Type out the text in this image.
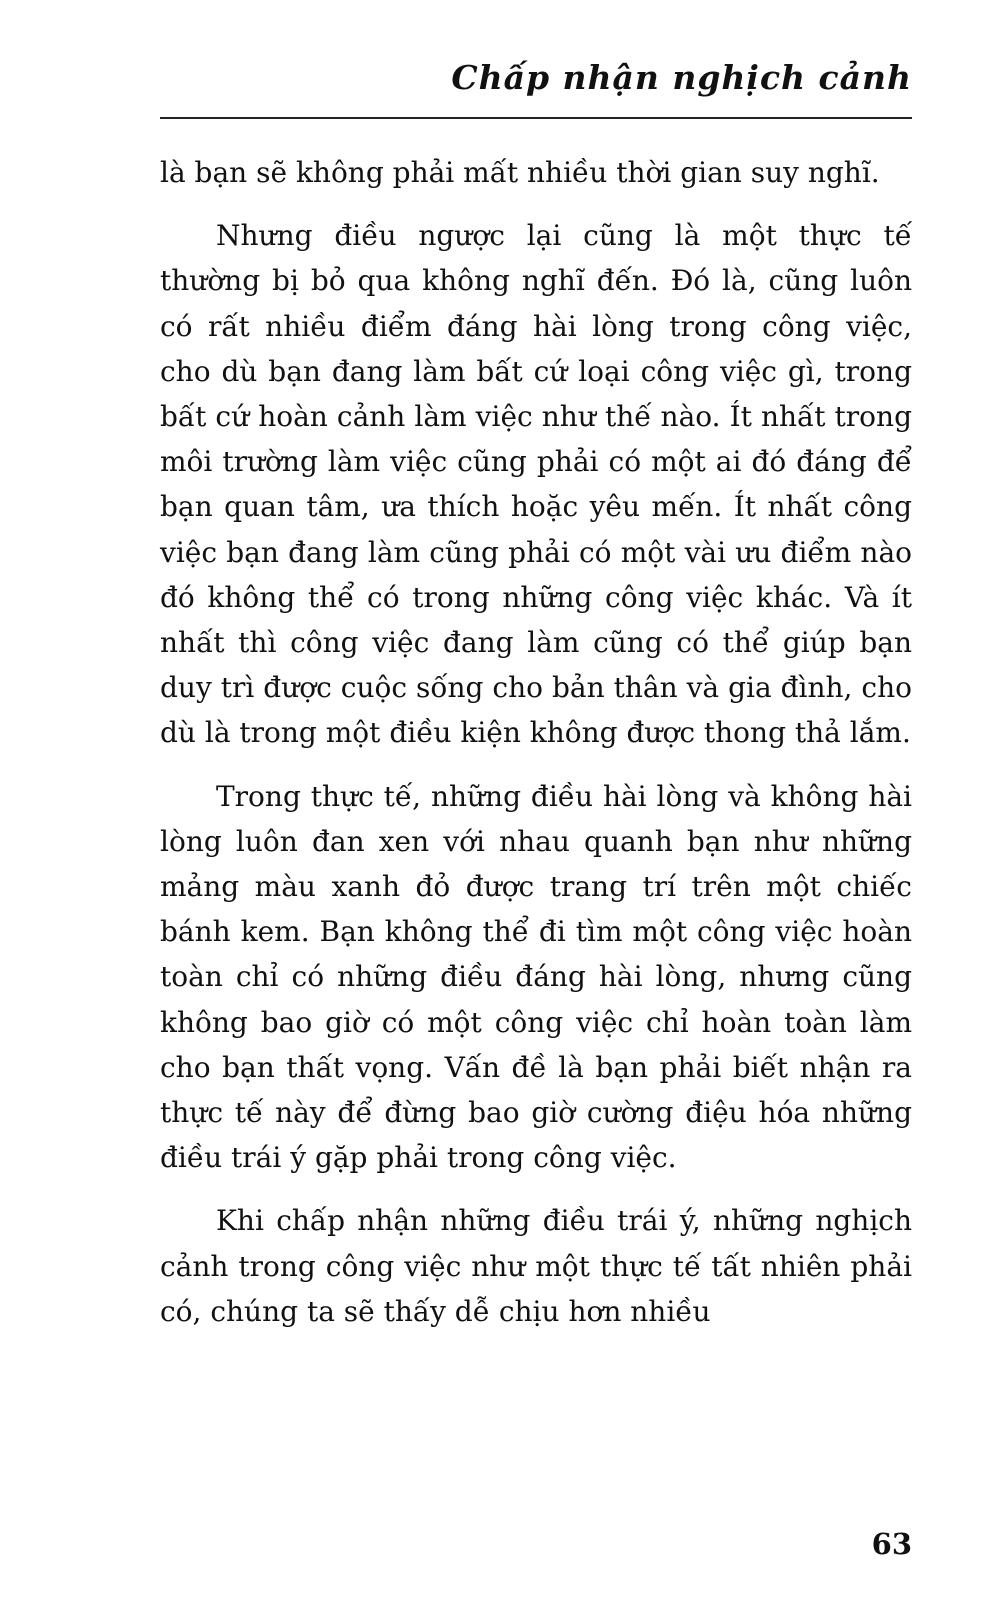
Chấp nhận nghịch cảnh

là bạn sẽ không phải mất nhiều thời gian suy nghĩ.

Nhưng điều ngược lại cũng là một thực tế thường bị bỏ qua không nghĩ đến. Đó là, cũng luôn có rất nhiều điểm đáng hài lòng trong công việc, cho dù bạn đang làm bất cứ loại công việc gì, trong bất cứ hoàn cảnh làm việc như thế nào. Ít nhất trong môi trường làm việc cũng phải có một ai đó đáng để bạn quan tâm, ưa thích hoặc yêu mến. Ít nhất công việc bạn đang làm cũng phải có một vài ưu điểm nào đó không thể có trong những công việc khác. Và ít nhất thì công việc đang làm cũng có thể giúp bạn duy trì được cuộc sống cho bản thân và gia đình, cho dù là trong một điều kiện không được thong thả lắm.

Trong thực tế, những điều hài lòng và không hài lòng luôn đan xen với nhau quanh bạn như những mảng màu xanh đỏ được trang trí trên một chiếc bánh kem. Bạn không thể đi tìm một công việc hoàn toàn chỉ có những điều đáng hài lòng, nhưng cũng không bao giờ có một công việc chỉ hoàn toàn làm cho bạn thất vọng. Vấn đề là bạn phải biết nhận ra thực tế này để đừng bao giờ cường điệu hóa những điều trái ý gặp phải trong công việc.

Khi chấp nhận những điều trái ý, những nghịch cảnh trong công việc như một thực tế tất nhiên phải có, chúng ta sẽ thấy dễ chịu hơn nhiều

63
